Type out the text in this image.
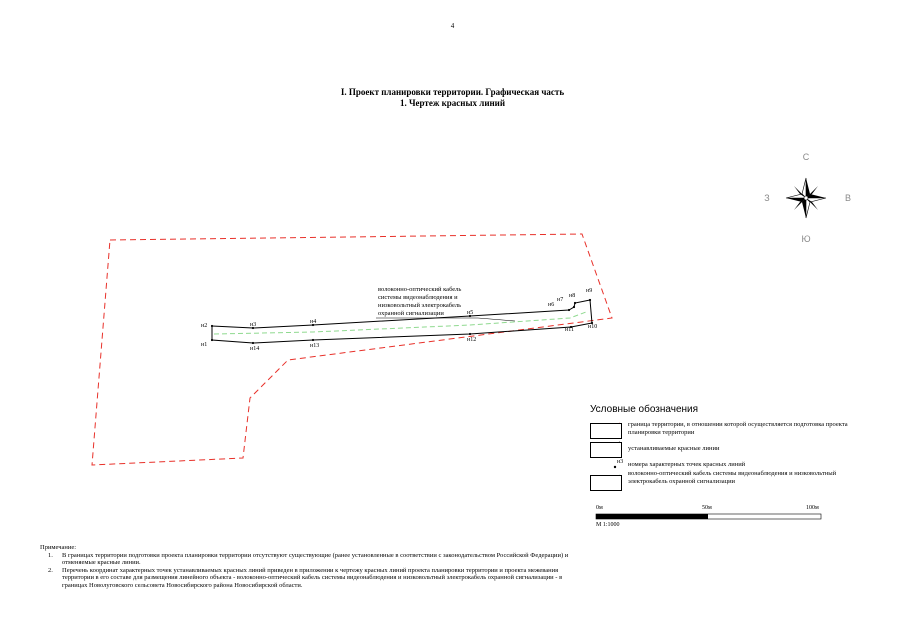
4
I. Проект планировки территории. Графическая часть
1. Чертеж красных линий
С
Ю
З	В
волоконно-оптический кабель
системы видеонаблюдения и
низковольтный электрокабель
охранной сигнализации
н1
н2	н3	н4
н5
н6
н7
н8
н9
н10
н11
н12
н13
н14
н3
Условные обозначения
граница территории, в отношении которой осуществляется подготовка проекта планировки территории
устанавливаемые красные линии
номера характерных точек красных линий
волоконно-оптический кабель системы видеонаблюдения и низковольтный электрокабель охранной сигнализации
0м	50м	100м
М 1:1000
Примечание:
1. В границах территории подготовки проекта планировки территории отсутствуют существующие (ранее установленные в соответствии с законодательством Российской Федерации) и отменяемые красные линии.
2. Перечень координат характерных точек устанавливаемых красных линий приведен в приложении к чертежу красных линий проекта планировки территории и проекта межевания территории в его составе для размещения линейного объекта - волоконно-оптический кабель системы видеонаблюдения и низковольтный электрокабель охранной сигнализации - в границах Новолуговского сельсовета Новосибирского района Новосибирской области.
